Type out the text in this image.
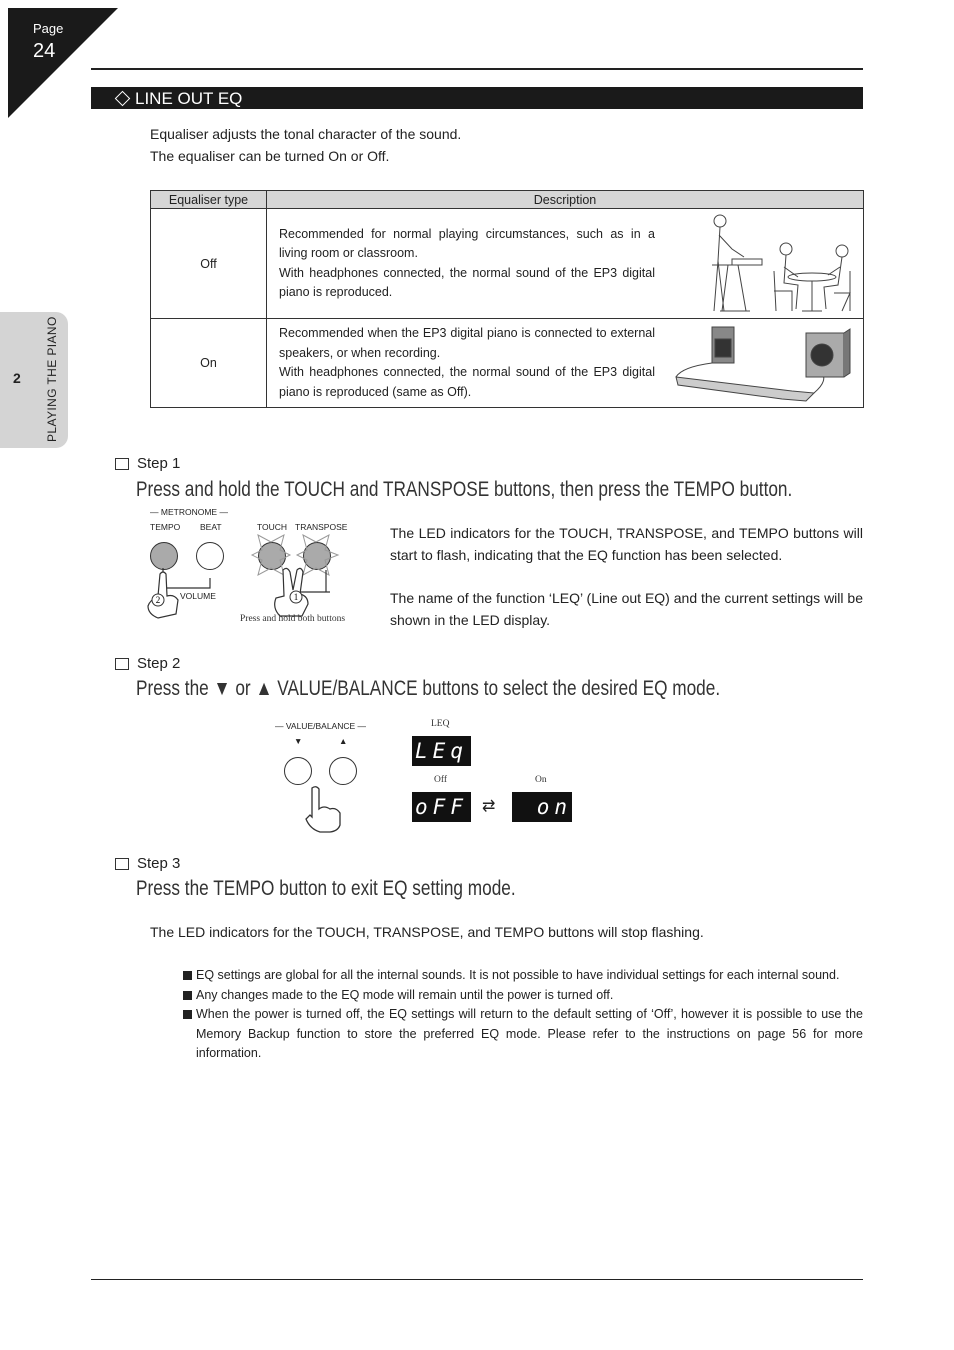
Page
24
2 PLAYING THE PIANO
LINE OUT EQ
Equaliser adjusts the tonal character of the sound.
The equaliser can be turned On or Off.
Equaliser type	Description
Off	Recommended for normal playing circumstances, such as in a living room or classroom.
With headphones connected, the normal sound of the EP3 digital piano is reproduced.

On	Recommended when the EP3 digital piano is connected to external speakers, or when recording.
With headphones connected, the normal sound of the EP3 digital piano is reproduced (same as Off).
Step 1
Press and hold the TOUCH and TRANSPOSE buttons, then press the TEMPO button.
— METRONOME —
TEMPO BEAT	TOUCH TRANSPOSE
2	1
VOLUME
Press and hold both buttons
The LED indicators for the TOUCH, TRANSPOSE, and TEMPO buttons will start to flash, indicating that the EQ function has been selected.
The name of the function ‘LEQ’ (Line out EQ) and the current settings will be shown in the LED display.
Step 2
Press the ▼ or ▲ VALUE/BALANCE buttons to select the desired EQ mode.
— VALUE/BALANCE —
▼	▲
LEQ
LEq
Off	On
oFF ⇄	on
Step 3
Press the TEMPO button to exit EQ setting mode.
The LED indicators for the TOUCH, TRANSPOSE, and TEMPO buttons will stop flashing.
EQ settings are global for all the internal sounds. It is not possible to have individual settings for each internal sound.
Any changes made to the EQ mode will remain until the power is turned off.
When the power is turned off, the EQ settings will return to the default setting of ‘Off’, however it is possible to use the Memory Backup function to store the preferred EQ mode. Please refer to the instructions on page 56 for more information.
